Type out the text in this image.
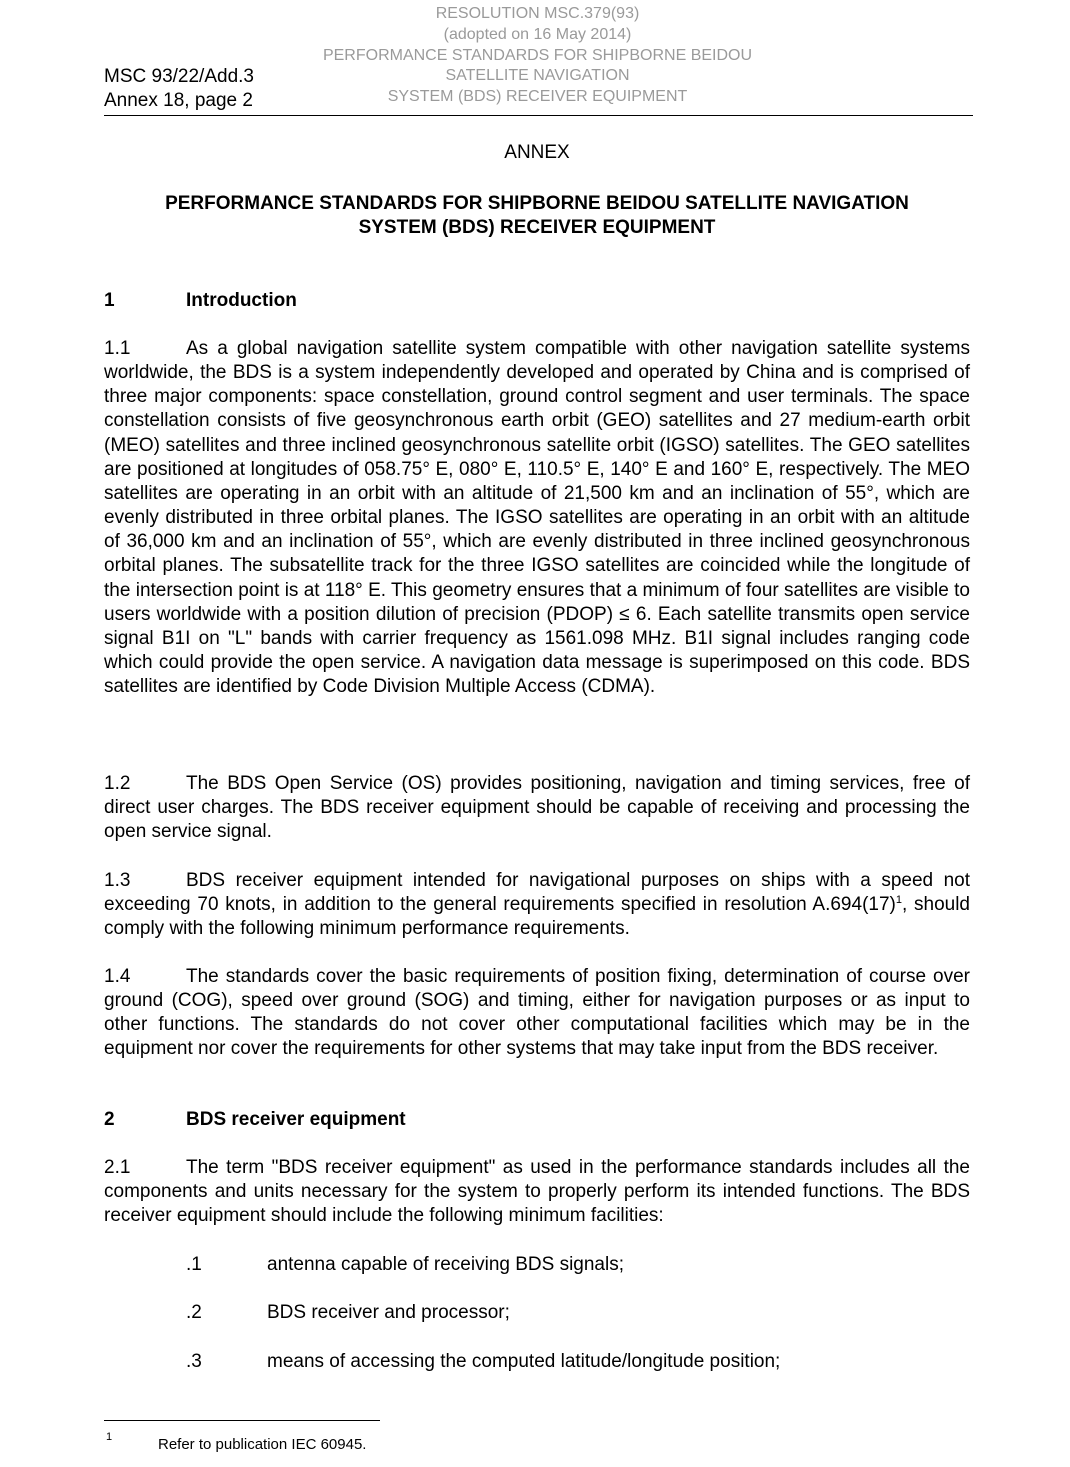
RESOLUTION MSC.379(93)
(adopted on 16 May 2014)
PERFORMANCE STANDARDS FOR SHIPBORNE BEIDOU
SATELLITE NAVIGATION
SYSTEM (BDS) RECEIVER EQUIPMENT
MSC 93/22/Add.3
Annex 18, page 2
ANNEX
PERFORMANCE STANDARDS FOR SHIPBORNE BEIDOU SATELLITE NAVIGATION
SYSTEM (BDS) RECEIVER EQUIPMENT
1	Introduction
1.1	As a global navigation satellite system compatible with other navigation satellite systems worldwide, the BDS is a system independently developed and operated by China and is comprised of three major components: space constellation, ground control segment and user terminals. The space constellation consists of five geosynchronous earth orbit (GEO) satellites and 27 medium-earth orbit (MEO) satellites and three inclined geosynchronous satellite orbit (IGSO) satellites. The GEO satellites are positioned at longitudes of 058.75° E, 080° E, 110.5° E, 140° E and 160° E, respectively. The MEO satellites are operating in an orbit with an altitude of 21,500 km and an inclination of 55°, which are evenly distributed in three orbital planes. The IGSO satellites are operating in an orbit with an altitude of 36,000 km and an inclination of 55°, which are evenly distributed in three inclined geosynchronous orbital planes. The subsatellite track for the three IGSO satellites are coincided while the longitude of the intersection point is at 118° E. This geometry ensures that a minimum of four satellites are visible to users worldwide with a position dilution of precision (PDOP) ≤ 6. Each satellite transmits open service signal B1I on "L" bands with carrier frequency as 1561.098 MHz. B1I signal includes ranging code which could provide the open service. A navigation data message is superimposed on this code. BDS satellites are identified by Code Division Multiple Access (CDMA).
1.2	The BDS Open Service (OS) provides positioning, navigation and timing services, free of direct user charges. The BDS receiver equipment should be capable of receiving and processing the open service signal.
1.3	BDS receiver equipment intended for navigational purposes on ships with a speed not exceeding 70 knots, in addition to the general requirements specified in resolution $A.694(17)^1$, should comply with the following minimum performance requirements.
1.4	The standards cover the basic requirements of position fixing, determination of course over ground (COG), speed over ground (SOG) and timing, either for navigation purposes or as input to other functions. The standards do not cover other computational facilities which may be in the equipment nor cover the requirements for other systems that may take input from the BDS receiver.
2	BDS receiver equipment
2.1	The term "BDS receiver equipment" as used in the performance standards includes all the components and units necessary for the system to properly perform its intended functions. The BDS receiver equipment should include the following minimum facilities:
.1	antenna capable of receiving BDS signals;
.2	BDS receiver and processor;
.3	means of accessing the computed latitude/longitude position;
1	Refer to publication IEC 60945.
